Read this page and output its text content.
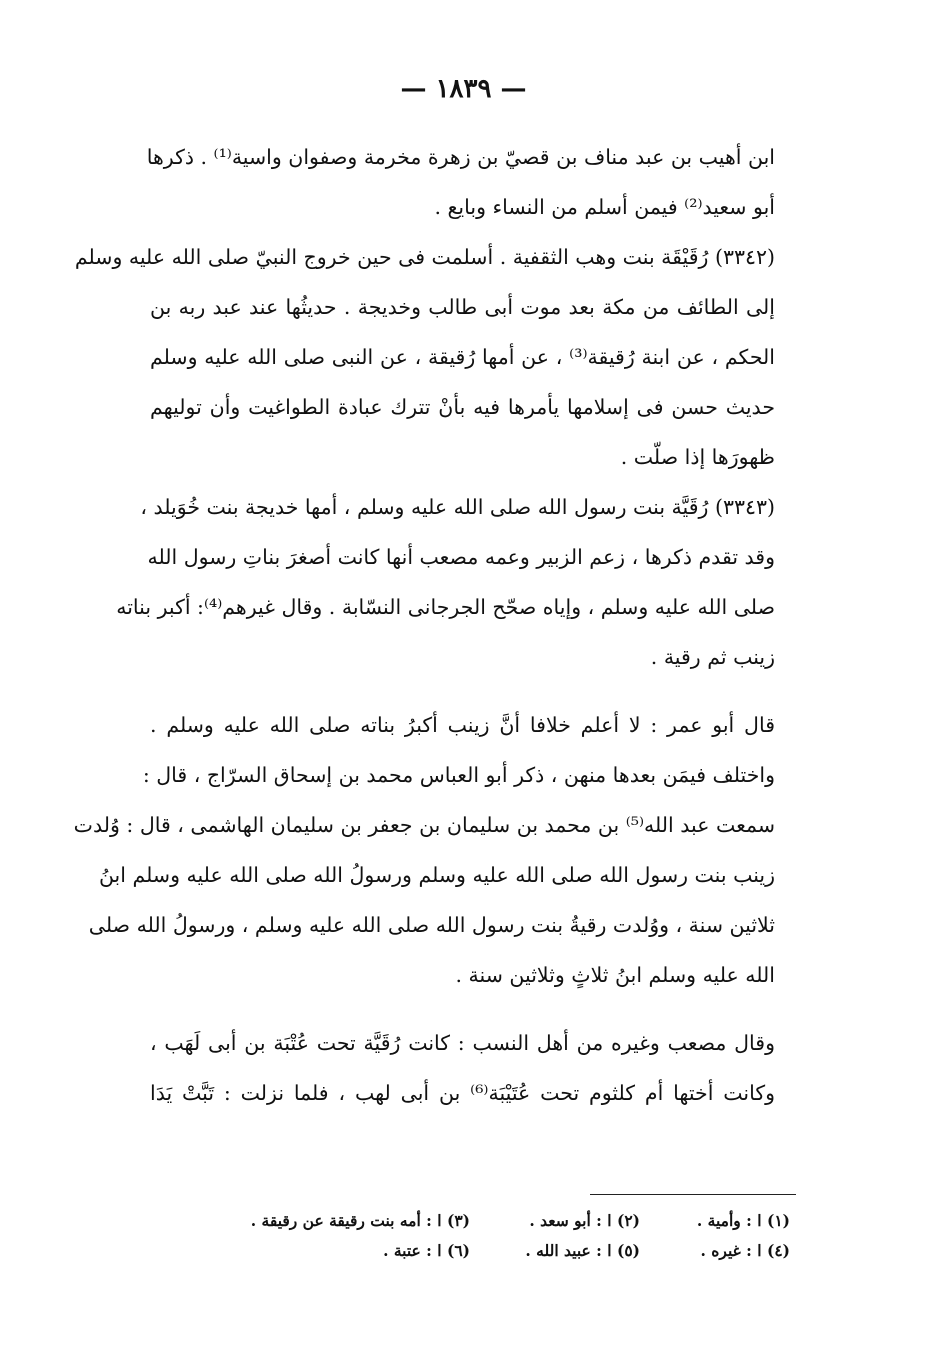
— ١٨٣٩ —
ابن أهيب بن عبد مناف بن قصيّ بن زهرة مخرمة وصفوان واسية⁽¹⁾ . ذكرها
أبو سعيد⁽²⁾ فيمن أسلم من النساء وبايع .
(٣٣٤٢) رُقَيْقَة بنت وهب الثقفية . أسلمت فى حين خروج النبيّ صلى الله عليه وسلم
إلى الطائف من مكة بعد موت أبى طالب وخديجة . حديثُها عند عبد ربه بن
الحكم ، عن ابنة رُقيقة⁽³⁾ ، عن أمها رُقيقة ، عن النبى صلى الله عليه وسلم
حديث حسن فى إسلامها يأمرها فيه بأنْ تترك عبادة الطواغيت وأن توليهم
ظهورَها إذا صلّت .
(٣٣٤٣) رُقَيَّة بنت رسول الله صلى الله عليه وسلم ، أمها خديجة بنت خُوَيلد ،
وقد تقدم ذكرها ، زعم الزبير وعمه مصعب أنها كانت أصغرَ بناتِ رسول الله
صلى الله عليه وسلم ، وإياه صحّح الجرجانى النسّابة . وقال غيرهم⁽⁴⁾: أكبر بناته
زينب ثم رقية .
قال أبو عمر : لا أعلم خلافا أنَّ زينب أكبرُ بناته صلى الله عليه وسلم .
واختلف فيمَن بعدها منهن ، ذكر أبو العباس محمد بن إسحاق السرّاج ، قال :
سمعت عبد الله⁽⁵⁾ بن محمد بن سليمان بن جعفر بن سليمان الهاشمى ، قال : وُلدت
زينب بنت رسول الله صلى الله عليه وسلم ورسولُ الله صلى الله عليه وسلم ابنُ
ثلاثين سنة ، ووُلدت رقيةُ بنت رسول الله صلى الله عليه وسلم ، ورسولُ الله صلى
الله عليه وسلم ابنُ ثلاثٍ وثلاثين سنة .
وقال مصعب وغيره من أهل النسب : كانت رُقَيَّة تحت عُتْبَة بن أبى لَهَب ،
وكانت أختها أم كلثوم تحت عُتَيْبَة⁽⁶⁾ بن أبى لهب ، فلما نزلت : تَبَّتْ يَدَا
(١) ا : وأمية .
(٢) ا : أبو سعد .
(٣) ا : أمه بنت رقيقة عن رقيقة .
(٤) ا : غيره .
(٥) ا : عبيد الله .
(٦) ا : عتبة .
